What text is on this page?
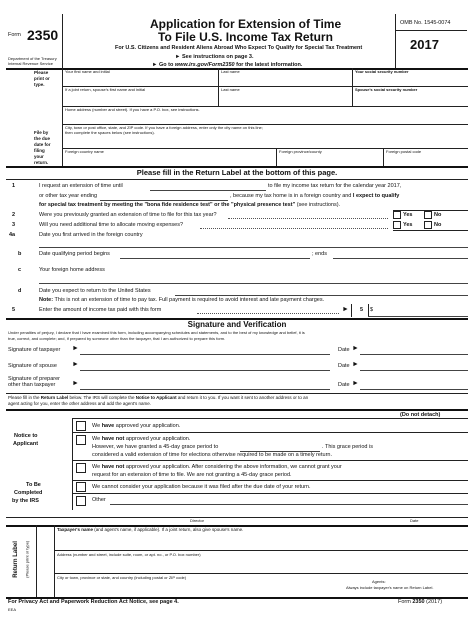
Form 2350
Department of the Treasury
Internal Revenue Service
Application for Extension of Time
To File U.S. Income Tax Return
For U.S. Citizens and Resident Aliens Abroad Who Expect To Qualify for Special Tax Treatment
► See instructions on page 3.
► Go to www.irs.gov/Form2350 for the latest information.
OMB No. 1545-0074
2017
Please
print or
type.
File by
the due
date for
filing
your
return.
Your first name and initial	Last name	Your social security number
If a joint return, spouse's first name and initial	Last name	Spouse's social security number
Home address (number and street). If you have a P.O. box, see instructions.
City, town or post office, state, and ZIP code. If you have a foreign address, enter only the city name on this line;
then complete the spaces below (see instructions).
Foreign country name	Foreign province/county	Foreign postal code
Please fill in the Return Label at the bottom of this page.
1	I request an extension of time until	to file my income tax return for the calendar year 2017,
or other tax year ending	, because my tax home is in a foreign country and I expect to qualify
for special tax treatment by meeting the "bona fide residence test" or the "physical presence test" (see instructions).
2	Were you previously granted an extension of time to file for this tax year?	Yes	No
3	Will you need additional time to allocate moving expenses?	Yes	No
4a	Date you first arrived in the foreign country
b	Date qualifying period begins	; ends
c	Your foreign home address
d	Date you expect to return to the United States
Note: This is not an extension of time to pay tax. Full payment is required to avoid interest and late payment charges.
5	Enter the amount of income tax paid with this form	► 5 $
Signature and Verification
Under penalties of perjury, I declare that I have examined this form, including accompanying schedules and statements, and to the best of my knowledge and belief, it is
true, correct, and complete; and, if prepared by someone other than the taxpayer, that I am authorized to prepare this form.
Signature of taxpayer ►	Date ►
Signature of spouse ►	Date ►
Signature of preparer
other than taxpayer ►	Date ►
Please fill in the Return Label below. The IRS will complete the Notice to Applicant and return it to you. If you want it sent to another address or to an
agent acting for you, enter the other address and add the agent's name.
(Do not detach)
Notice to
Applicant
To Be
Completed
by the IRS
We have approved your application.
We have not approved your application.
However, we have granted a 45-day grace period to	. This grace period is
considered a valid extension of time for elections otherwise required to be made on a timely return.
We have not approved your application. After considering the above information, we cannot grant your
request for an extension of time to file. We are not granting a 45-day grace period.
We cannot consider your application because it was filed after the due date of your return.
Other
Director	Date
Return Label (Please print or type)
Taxpayer's name (and agent's name, if applicable). If a joint return, also give spouse's name.
Address (number and street, include suite, room, or apt. no., or P.O. box number)
City or town, province or state, and country (including postal or ZIP code)
Agents:
Always include taxpayer's name on Return Label.
For Privacy Act and Paperwork Reduction Act Notice, see page 4.
EEA
Form 2350 (2017)
